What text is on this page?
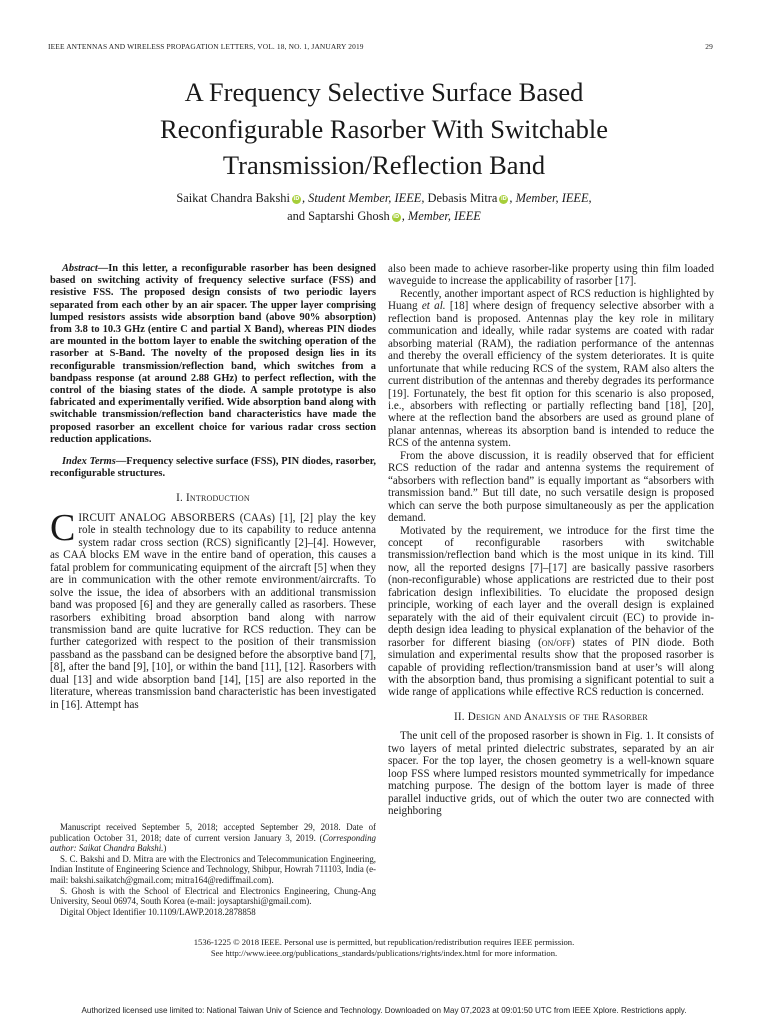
IEEE ANTENNAS AND WIRELESS PROPAGATION LETTERS, VOL. 18, NO. 1, JANUARY 2019	29
A Frequency Selective Surface Based
Reconfigurable Rasorber With Switchable
Transmission/Reflection Band
Saikat Chandra Bakshi iD , Student Member, IEEE, Debasis Mitra iD , Member, IEEE,
and Saptarshi Ghosh iD , Member, IEEE

Abstract—In this letter, a reconfigurable rasorber has been designed based on switching activity of frequency selective surface (FSS) and resistive FSS. The proposed design consists of two periodic layers separated from each other by an air spacer. The upper layer comprising lumped resistors assists wide absorption band (above 90% absorption) from 3.8 to 10.3 GHz (entire C and partial X Band), whereas PIN diodes are mounted in the bottom layer to enable the switching operation of the rasorber at S-Band. The novelty of the proposed design lies in its reconfigurable transmission/reflection band, which switches from a bandpass response (at around 2.88 GHz) to perfect reflection, with the control of the biasing states of the diode. A sample prototype is also fabricated and experimentally verified. Wide absorption band along with switchable transmission/reflection band characteristics have made the proposed rasorber an excellent choice for various radar cross section reduction applications.

Index Terms—Frequency selective surface (FSS), PIN diodes, rasorber, reconfigurable structures.

I. Introduction

CIRCUIT ANALOG ABSORBERS (CAAs) [1], [2] play the key role in stealth technology due to its capability to reduce antenna system radar cross section (RCS) significantly [2]–[4]. However, as CAA blocks EM wave in the entire band of operation, this causes a fatal problem for communicating equipment of the aircraft [5] when they are in communication with the other remote environment/aircrafts. To solve the issue, the idea of absorbers with an additional transmission band was proposed [6] and they are generally called as rasorbers. These rasorbers exhibiting broad absorption band along with narrow transmission band are quite lucrative for RCS reduction. They can be further categorized with respect to the position of their transmission passband as the passband can be designed before the absorptive band [7], [8], after the band [9], [10], or within the band [11], [12]. Rasorbers with dual [13] and wide absorption band [14], [15] are also reported in the literature, whereas transmission band characteristic has been investigated in [16]. Attempt has

also been made to achieve rasorber-like property using thin film loaded waveguide to increase the applicability of rasorber [17].

Recently, another important aspect of RCS reduction is highlighted by Huang et al. [18] where design of frequency selective absorber with a reflection band is proposed. Antennas play the key role in military communication and ideally, while radar systems are coated with radar absorbing material (RAM), the radiation performance of the antennas and thereby the overall efficiency of the system deteriorates. It is quite unfortunate that while reducing RCS of the system, RAM also alters the current distribution of the antennas and thereby degrades its performance [19]. Fortunately, the best fit option for this scenario is also proposed, i.e., absorbers with reflecting or partially reflecting band [18], [20], where at the reflection band the absorbers are used as ground plane of planar antennas, whereas its absorption band is intended to reduce the RCS of the antenna system.

From the above discussion, it is readily observed that for efficient RCS reduction of the radar and antenna systems the requirement of “absorbers with reflection band” is equally important as “absorbers with transmission band.” But till date, no such versatile design is proposed which can serve the both purpose simultaneously as per the application demand.

Motivated by the requirement, we introduce for the first time the concept of reconfigurable rasorbers with switchable transmission/reflection band which is the most unique in its kind. Till now, all the reported designs [7]–[17] are basically passive rasorbers (non-reconfigurable) whose applications are restricted due to their post fabrication design inflexibilities. To elucidate the proposed design principle, working of each layer and the overall design is explained separately with the aid of their equivalent circuit (EC) to provide in-depth design idea leading to physical explanation of the behavior of the rasorber for different biasing (on/off) states of PIN diode. Both simulation and experimental results show that the proposed rasorber is capable of providing reflection/transmission band at user’s will along with the absorption band, thus promising a significant potential to suit a wide range of applications while effective RCS reduction is concerned.

II. Design and Analysis of the Rasorber

The unit cell of the proposed rasorber is shown in Fig. 1. It consists of two layers of metal printed dielectric substrates, separated by an air spacer. For the top layer, the chosen geometry is a well-known square loop FSS where lumped resistors mounted symmetrically for impedance matching purpose. The design of the bottom layer is made of three parallel inductive grids, out of which the outer two are connected with neighboring

Manuscript received September 5, 2018; accepted September 29, 2018. Date of publication October 31, 2018; date of current version January 3, 2019. (Corresponding author: Saikat Chandra Bakshi.)

S. C. Bakshi and D. Mitra are with the Electronics and Telecommunication Engineering, Indian Institute of Engineering Science and Technology, Shibpur, Howrah 711103, India (e-mail: bakshi.saikatch@gmail.com; mitra164@rediffmail.com).

S. Ghosh is with the School of Electrical and Electronics Engineering, Chung-Ang University, Seoul 06974, South Korea (e-mail: joysaptarshi@gmail.com).

Digital Object Identifier 10.1109/LAWP.2018.2878858

1536-1225 © 2018 IEEE. Personal use is permitted, but republication/redistribution requires IEEE permission.
See http://www.ieee.org/publications_standards/publications/rights/index.html for more information.
Authorized licensed use limited to: National Taiwan Univ of Science and Technology. Downloaded on May 07,2023 at 09:01:50 UTC from IEEE Xplore. Restrictions apply.
